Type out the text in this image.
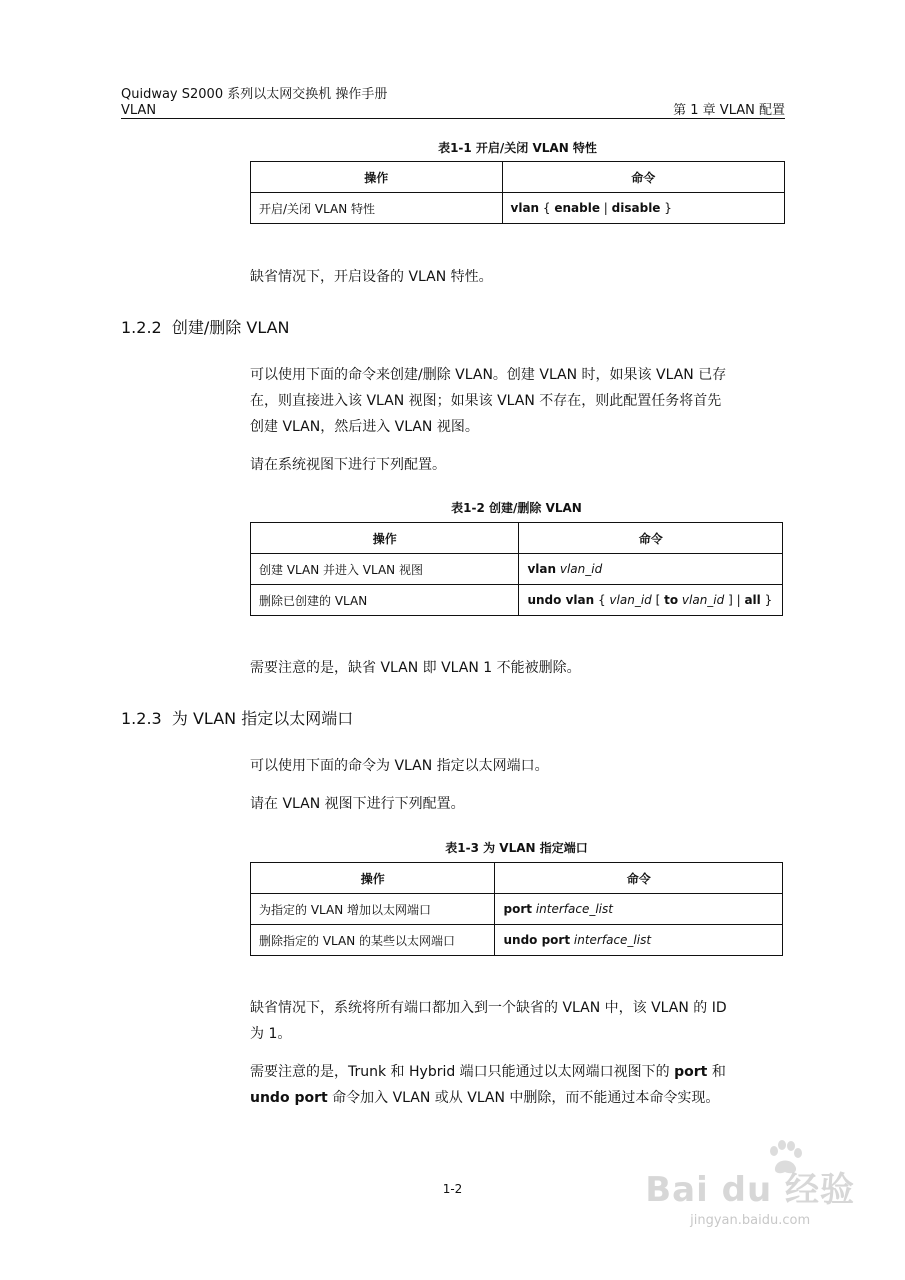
Quidway S2000 系列以太网交换机 操作手册
VLAN	第 1 章 VLAN 配置
表1-1 开启/关闭 VLAN 特性
操作	命令
开启/关闭 VLAN 特性	vlan { enable | disable }
缺省情况下，开启设备的 VLAN 特性。
1.2.2 创建/删除 VLAN
可以使用下面的命令来创建/删除 VLAN。创建 VLAN 时，如果该 VLAN 已存
在，则直接进入该 VLAN 视图；如果该 VLAN 不存在，则此配置任务将首先
创建 VLAN，然后进入 VLAN 视图。
请在系统视图下进行下列配置。
表1-2 创建/删除 VLAN
操作	命令
创建 VLAN 并进入 VLAN 视图	vlan vlan_id
删除已创建的 VLAN	undo vlan { vlan_id [ to vlan_id ] | all }
需要注意的是，缺省 VLAN 即 VLAN 1 不能被删除。
1.2.3 为 VLAN 指定以太网端口
可以使用下面的命令为 VLAN 指定以太网端口。
请在 VLAN 视图下进行下列配置。
表1-3 为 VLAN 指定端口
操作	命令
为指定的 VLAN 增加以太网端口	port interface_list
删除指定的 VLAN 的某些以太网端口	undo port interface_list
缺省情况下，系统将所有端口都加入到一个缺省的 VLAN 中，该 VLAN 的 ID
为 1。
需要注意的是，Trunk 和 Hybrid 端口只能通过以太网端口视图下的 port 和
undo port 命令加入 VLAN 或从 VLAN 中删除，而不能通过本命令实现。
1-2	Bai du 经验
jingyan.baidu.com
